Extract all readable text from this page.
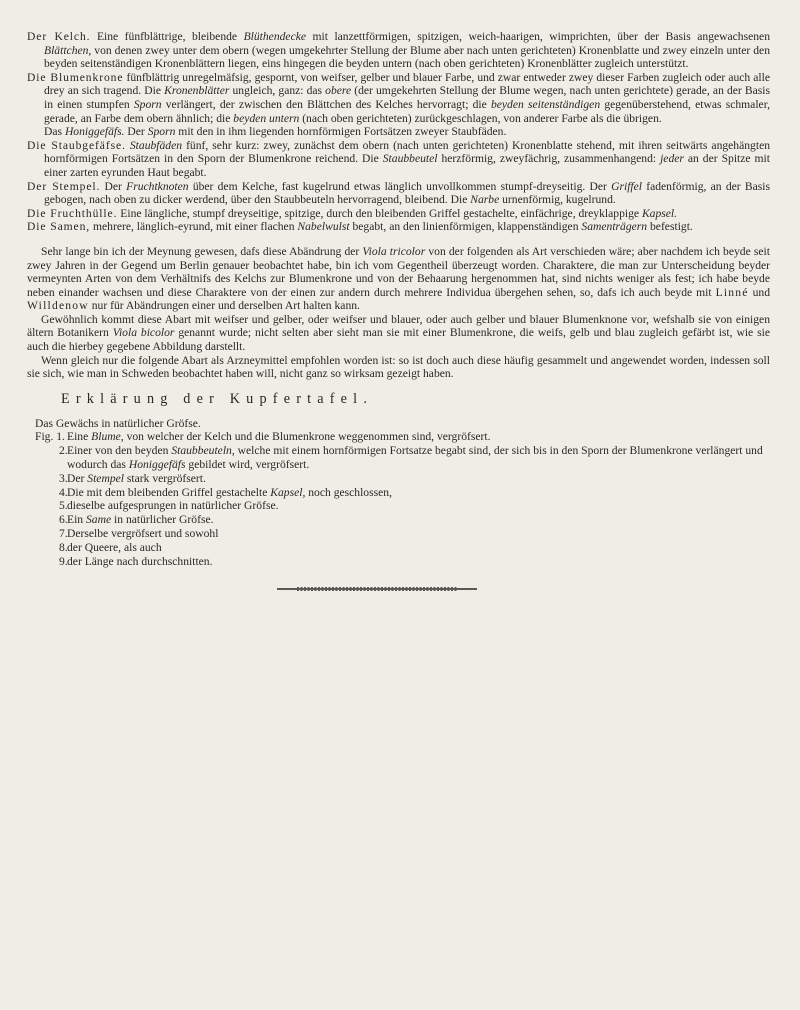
Der Kelch. Eine fünfblättrige, bleibende Blüthendecke mit lanzettförmigen, spitzigen, weich-haarigen, wimprichten, über der Basis angewachsenen Blättchen, von denen zwey unter dem obern (wegen umgekehrter Stellung der Blume aber nach unten gerichteten) Kronenblatte und zwey einzeln unter den beyden seitenständigen Kronenblättern liegen, eins hingegen die beyden untern (nach oben gerichteten) Kronenblätter zugleich unterstützt.

Die Blumenkrone fünfblättrig unregelmäfsig, gespornt, von weifser, gelber und blauer Farbe, und zwar entweder zwey dieser Farben zugleich oder auch alle drey an sich tragend. Die Kronenblätter ungleich, ganz: das obere (der umgekehrten Stellung der Blume wegen, nach unten gerichtete) gerade, an der Basis in einen stumpfen Sporn verlängert, der zwischen den Blättchen des Kelches hervorragt; die beyden seitenständigen gegenüberstehend, etwas schmaler, gerade, an Farbe dem obern ähnlich; die beyden untern (nach oben gerichteten) zurückgeschlagen, von anderer Farbe als die übrigen.

Das Honiggefäfs. Der Sporn mit den in ihm liegenden hornförmigen Fortsätzen zweyer Staubfäden.

Die Staubgefäfse. Staubfäden fünf, sehr kurz: zwey, zunächst dem obern (nach unten gerichteten) Kronenblatte stehend, mit ihren seitwärts angehängten hornförmigen Fortsätzen in den Sporn der Blumenkrone reichend. Die Staubbeutel herzförmig, zweyfächrig, zusammenhangend: jeder an der Spitze mit einer zarten eyrunden Haut begabt.

Der Stempel. Der Fruchtknoten über dem Kelche, fast kugelrund etwas länglich unvollkommen stumpf-dreyseitig. Der Griffel fadenförmig, an der Basis gebogen, nach oben zu dicker werdend, über den Staubbeuteln hervorragend, bleibend. Die Narbe urnenförmig, kugelrund.

Die Fruchthülle. Eine längliche, stumpf dreyseitige, spitzige, durch den bleibenden Griffel gestachelte, einfächrige, dreyklappige Kapsel.

Die Samen, mehrere, länglich-eyrund, mit einer flachen Nabelwulst begabt, an den linienförmigen, klappenständigen Samenträgern befestigt.

Sehr lange bin ich der Meynung gewesen, dafs diese Abändrung der Viola tricolor von der folgenden als Art verschieden wäre; aber nachdem ich beyde seit zwey Jahren in der Gegend um Berlin genauer beobachtet habe, bin ich vom Gegentheil überzeugt worden. Charaktere, die man zur Unterscheidung beyder vermeynten Arten von dem Verhältnifs des Kelchs zur Blumenkrone und von der Behaarung hergenommen hat, sind nichts weniger als fest; ich habe beyde neben einander wachsen und diese Charaktere von der einen zur andern durch mehrere Individua übergehen sehen, so, dafs ich auch beyde mit Linné und Willdenow nur für Abändrungen einer und derselben Art halten kann.

Gewöhnlich kommt diese Abart mit weifser und gelber, oder weifser und blauer, oder auch gelber und blauer Blumenknone vor, wefshalb sie von einigen ältern Botanikern Viola bicolor genannt wurde; nicht selten aber sieht man sie mit einer Blumenkrone, die weifs, gelb und blau zugleich gefärbt ist, wie sie auch die hierbey gegebene Abbildung darstellt.

Wenn gleich nur die folgende Abart als Arzneymittel empfohlen worden ist: so ist doch auch diese häufig gesammelt und angewendet worden, indessen soll sie sich, wie man in Schweden beobachtet haben will, nicht ganz so wirksam gezeigt haben.

Erklärung der Kupfertafel.

Das Gewächs in natürlicher Gröfse.

Fig. 1. Eine Blume, von welcher der Kelch und die Blumenkrone weggenommen sind, vergröfsert.
2. Einer von den beyden Staubbeuteln, welche mit einem hornförmigen Fortsatze begabt sind, der sich bis in den Sporn der Blumenkrone verlängert und wodurch das Honiggefäfs gebildet wird, vergröfsert.
3. Der Stempel stark vergröfsert.
4. Die mit dem bleibenden Griffel gestachelte Kapsel, noch geschlossen,
5. dieselbe aufgesprungen in natürlicher Gröfse.
6. Ein Same in natürlicher Gröfse.
7. Derselbe vergröfsert und sowohl
8. der Queere, als auch
9. der Länge nach durchschnitten.
